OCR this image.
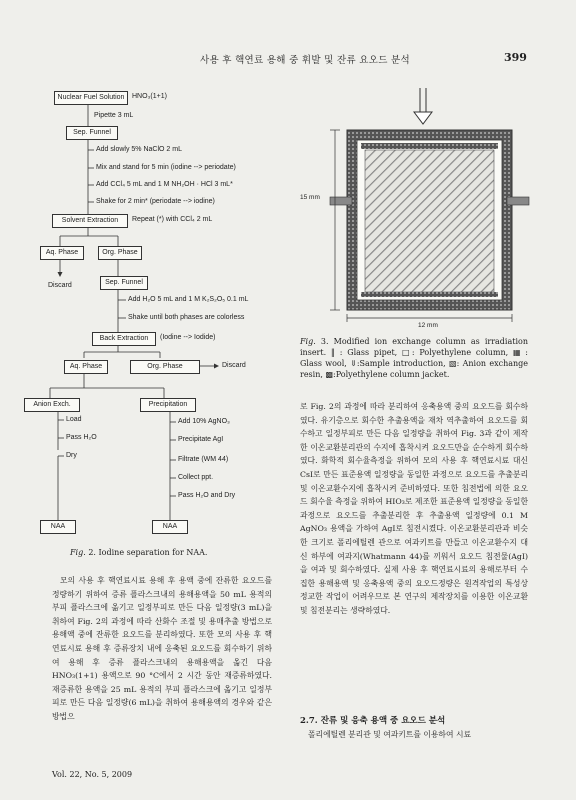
사용 후 핵연료 용해 중 휘발 및 잔류 요오드 분석	399
Nuclear Fuel Solution	HNO₃(1+1)
Pipette 3 mL
Sep. Funnel
Add slowly 5% NaClO 2 mL
Mix and stand for 5 min (iodine --> periodate)
Add CCl₄ 5 mL and 1 M NH₂OH · HCl 3 mL*
Shake for 2 min* (periodate --> iodine)
Solvent Extraction	Repeat (*) with CCl₄ 2 mL
Aq. Phase	Org. Phase
Discard	Sep. Funnel
Add H₂O 5 mL and 1 M K₂S₂O₅ 0.1 mL
Shake until both phases are colorless
Back Extraction	(Iodine --> Iodide)
Aq. Phase	Org. Phase	Discard
Anion Exch.	Precipitation
Load
Pass H₂O
Dry
Add 10% AgNO₃
Precipitate AgI
Filtrate (WM 44)
Collect ppt.
Pass H₂O and Dry
NAA	NAA
Fig. 2. Iodine separation for NAA.
15 mm
12 mm
Fig. 3. Modified ion exchange column as irradiation insert. ‖ : Glass pipet, □: Polyethylene column, ▦ : Glass wool, ⇓:Sample introduction, ▧: Anion exchange resin, ▩:Polyethylene column jacket.

모의 사용 후 핵연료시료 용해 후 용액 중에 잔류한 요오드를 정량하기 위하여 증류 플라스크내의 용해용액을 50 mL 용적의 부피 플라스크에 옮기고 일정부피로 만든 다음 일정량(3 mL)을 취하여 Fig. 2의 과정에 따라 산화수 조절 및 용매추출 방법으로 용해액 중에 잔류한 요오드를 분리하였다. 또한 모의 사용 후 핵연료시료 용해 후 증류장치 내에 응축된 요오드를 회수하기 위하여 용해 후 증류 플라스크내의 용해용액을 옮긴 다음 HNO₃(1+1) 용액으로 90 °C에서 2 시간 동안 재증류하였다. 재증류한 용액을 25 mL 용적의 부피 플라스크에 옮기고 일정부피로 만든 다음 일정량(6 mL)을 취하여 용해용액의 경우와 같은 방법으

로 Fig. 2의 과정에 따라 분리하여 응축용액 중의 요오드를 회수하였다. 유기층으로 회수한 추출용액을 재차 역추출하여 요오드를 회수하고 일정부피로 만든 다음 일정량을 취하여 Fig. 3과 같이 제작한 이온교환분리관의 수지에 흡착시켜 요오드만을 순수하게 회수하였다. 화학적 회수율측정을 위하여 모의 사용 후 핵연료시료 대신 CsI로 만든 표준용액 일정량을 동일한 과정으로 요오드를 추출분리 및 이온교환수지에 흡착시켜 준비하였다. 또한 침전법에 의한 요오드 회수율 측정을 위하여 HIO₃로 제조한 표준용액 일정량을 동일한 과정으로 요오드를 추출분리한 후 추출용액 일정량에 0.1 M AgNO₃ 용액을 가하여 AgI로 침전시켰다. 이온교환분리관과 비슷한 크기로 폴리에틸렌 관으로 여과키트를 만들고 이온교환수지 대신 하부에 여과지(Whatmann 44)를 끼워서 요오드 침전물(AgI)을 여과 및 회수하였다. 실제 사용 후 핵연료시료의 용해로부터 수집한 용해용액 및 응축용액 중의 요오드정량은 원격작업의 특성상 정교한 작업이 어려우므로 본 연구의 제작장치를 이용한 이온교환 및 침전분리는 생략하였다.

2.7. 잔류 및 응축 용액 중 요오드 분석

폴리에틸렌 분리관 및 여과키트를 이용하여 시료

Vol. 22, No. 5, 2009
